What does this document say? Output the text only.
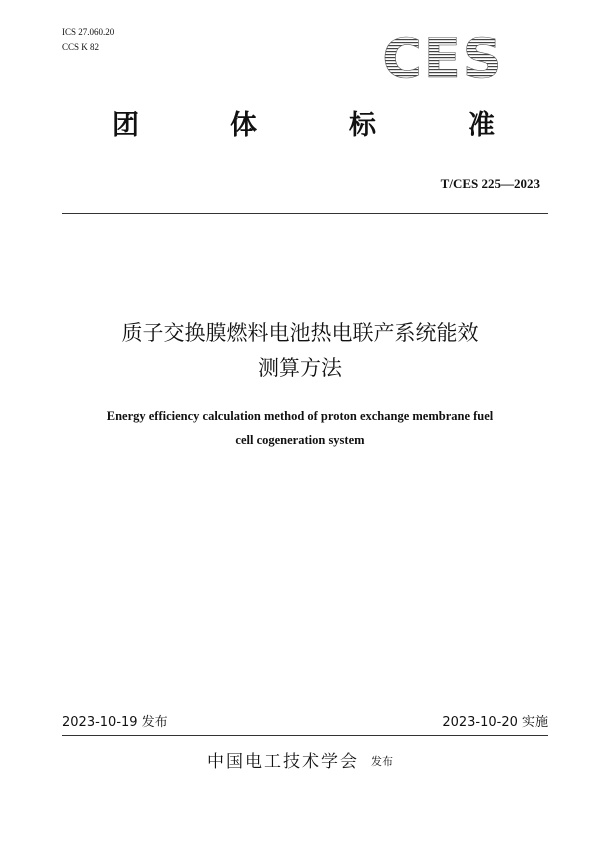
ICS 27.060.20
CCS K 82	CES
团	体	标	准
T/CES 225—2023
质子交换膜燃料电池热电联产系统能效
测算方法
Energy efficiency calculation method of proton exchange membrane fuel
cell cogeneration system
2023-10-19 发布	2023-10-20 实施
中国电工技术学会 发布
